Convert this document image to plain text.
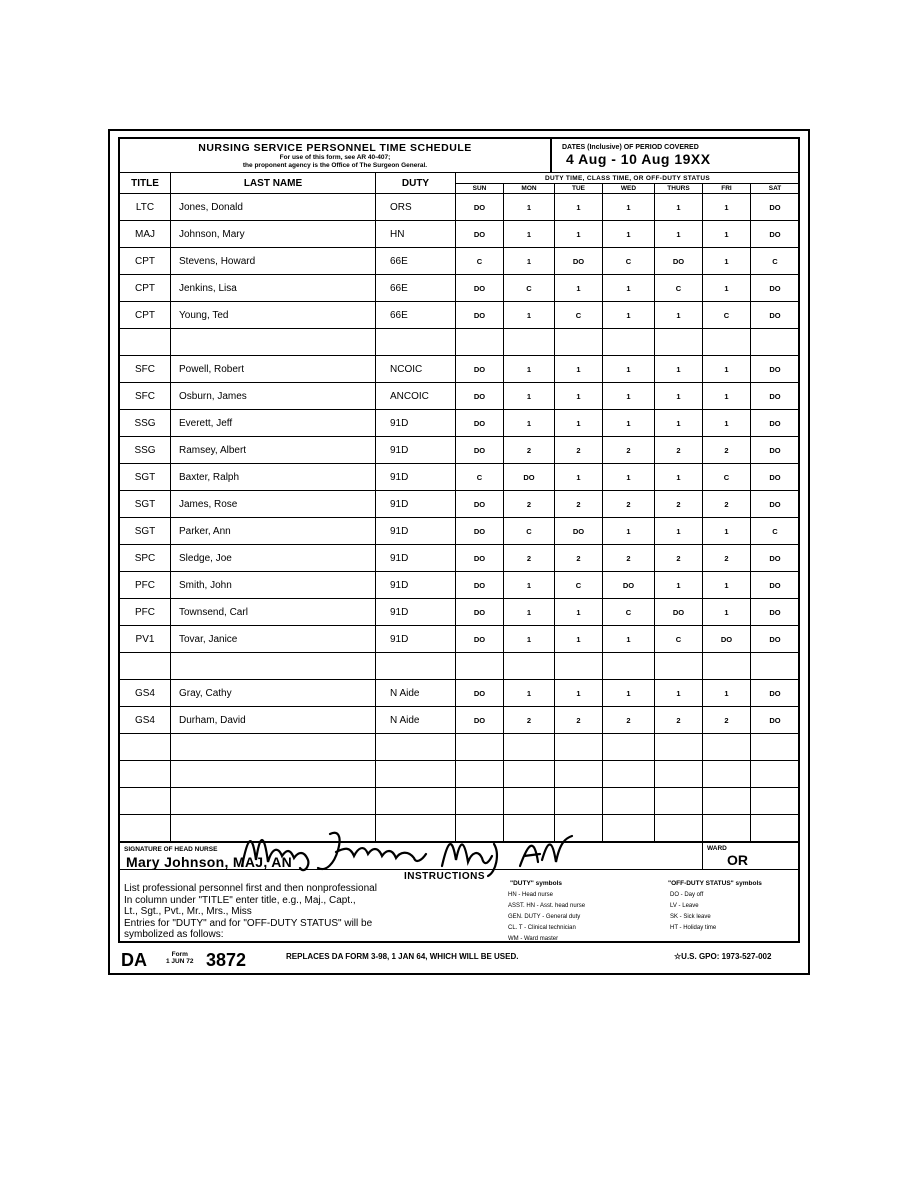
NURSING SERVICE PERSONNEL TIME SCHEDULE
For use of this form, see AR 40-407;
the proponent agency is the Office of The Surgeon General.
DATES (Inclusive) OF PERIOD COVERED
4 Aug - 10 Aug 19XX
TITLE	LAST NAME	DUTY	DUTY TIME, CLASS TIME, OR OFF-DUTY STATUS						
			SUN	MON	TUE	WED	THURS	FRI	SAT
LTC	Jones, Donald	ORS	DO	1	1	1	1	1	DO
MAJ	Johnson, Mary	HN	DO	1	1	1	1	1	DO
CPT	Stevens, Howard	66E	C	1	DO	C	DO	1	C
CPT	Jenkins, Lisa	66E	DO	C	1	1	C	1	DO
CPT	Young, Ted	66E	DO	1	C	1	1	C	DO

SFC	Powell, Robert	NCOIC	DO	1	1	1	1	1	DO
SFC	Osburn, James	ANCOIC	DO	1	1	1	1	1	DO
SSG	Everett, Jeff	91D	DO	1	1	1	1	1	DO
SSG	Ramsey, Albert	91D	DO	2	2	2	2	2	DO
SGT	Baxter, Ralph	91D	C	DO	1	1	1	C	DO
SGT	James, Rose	91D	DO	2	2	2	2	2	DO
SGT	Parker, Ann	91D	DO	C	DO	1	1	1	C
SPC	Sledge, Joe	91D	DO	2	2	2	2	2	DO
PFC	Smith, John	91D	DO	1	C	DO	1	1	DO
PFC	Townsend, Carl	91D	DO	1	1	C	DO	1	DO
PV1	Tovar, Janice	91D	DO	1	1	1	C	DO	DO

GS4	Gray, Cathy	N Aide	DO	1	1	1	1	1	DO
GS4	Durham, David	N Aide	DO	2	2	2	2	2	DO

SIGNATURE OF HEAD NURSE
Mary Johnson, MAJ, AN
WARD
OR
Mary Johnson, Maj, AN	INSTRUCTIONS
List professional personnel first and then nonprofessional
In column under "TITLE" enter title, e.g., Maj., Capt.,
Lt., Sgt., Pvt., Mr., Mrs., Miss
Entries for "DUTY" and for "OFF-DUTY STATUS" will be
symbolized as follows:
"DUTY" symbols
HN - Head nurse
ASST. HN - Asst. head nurse
GEN. DUTY - General duty
CL. T - Clinical technician
WM - Ward master
"OFF-DUTY STATUS" symbols
DO - Day off
LV - Leave
SK - Sick leave
HT - Holiday time
DA	Form
1 JUN 72 3872	REPLACES DA FORM 3-98, 1 JAN 64, WHICH WILL BE USED.	☆U.S. GPO: 1973-527-002
